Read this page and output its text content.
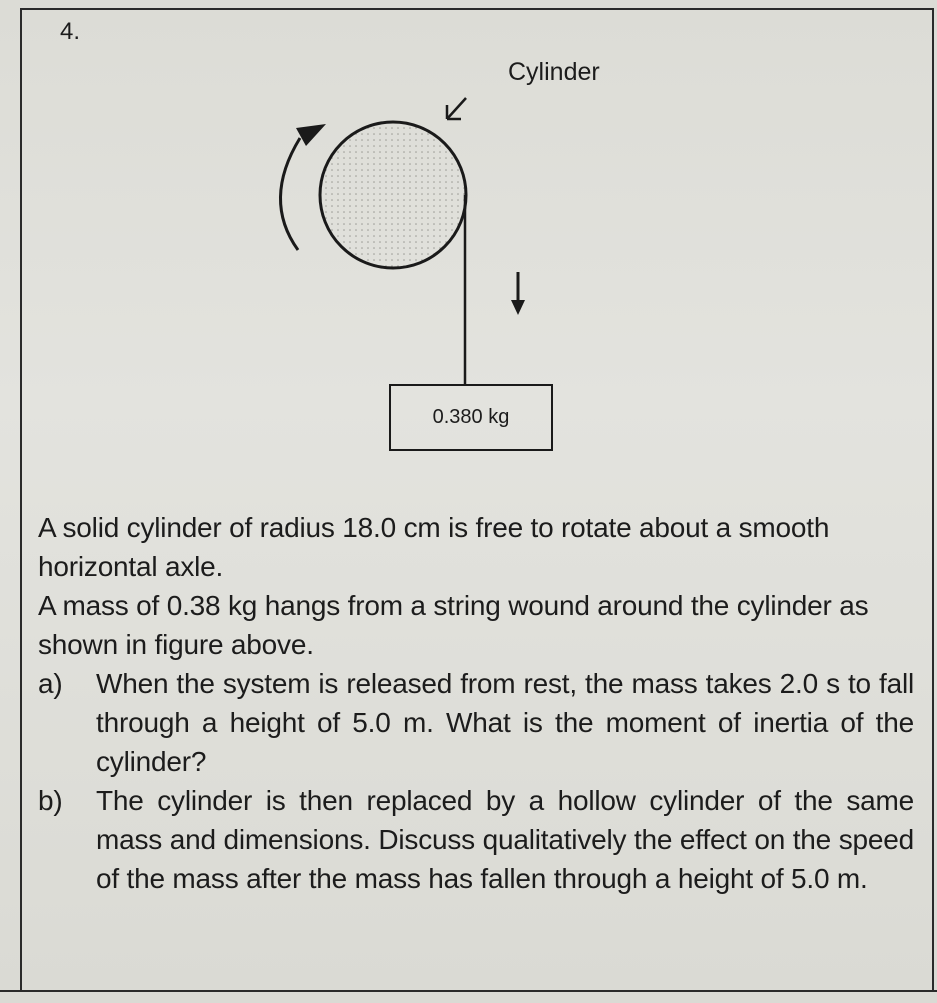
4.
Cylinder
0.380 kg

A solid cylinder of radius 18.0 cm is free to rotate about a smooth horizontal axle.

A mass of 0.38 kg hangs from a string wound around the cylinder as shown in figure above.

a)	When the system is released from rest, the mass takes 2.0 s to fall through a height of 5.0 m. What is the moment of inertia of the cylinder?
b)	The cylinder is then replaced by a hollow cylinder of the same mass and dimensions. Discuss qualitatively the effect on the speed of the mass after the mass has fallen through a height of 5.0 m.
